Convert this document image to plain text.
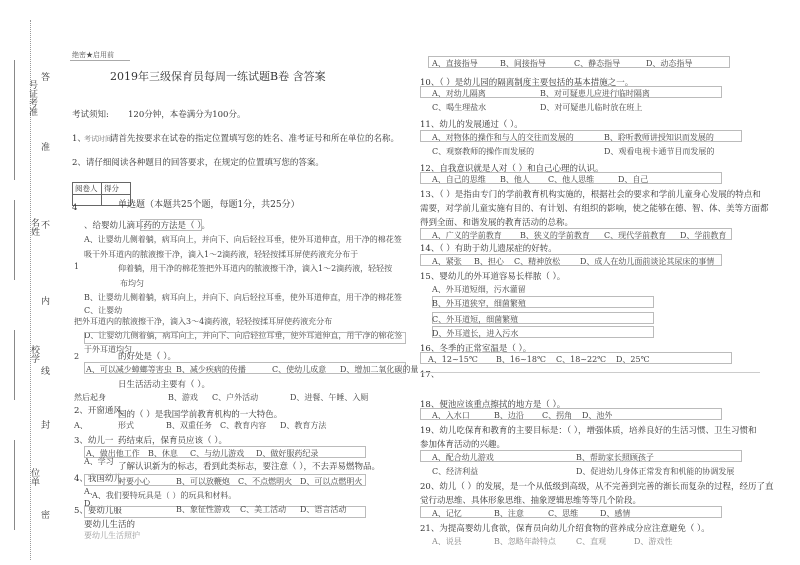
号证考准
答
准
不
名姓
内
校学
线
位单
封
密
绝密★启用前
2019年三级保育员每周一练试题B卷 含答案
考试须知: 120分钟，本卷满分为100分。
1、
考试时间
请首先按要求在试卷的指定位置填写您的姓名、准考证号和所在单位的名称。
2、请仔细阅读各种题目的回答要求，在规定的位置填写您的答案。
阅卷人	得分

4	单选题（本题共25个题，每题1分，共25分）
、给婴幼儿滴耳药的方法是（ ）。
A、让婴幼儿侧着躺，病耳向上，并向下、向后轻拉耳垂，使外耳道伸直，用干净的棉花签
吸干外耳道内的脓液擦干净，滴入1～2滴药液，轻轻按揉耳屏使药液充分布于
1	仰着躺，用干净的棉花签把外耳道内的脓液擦干净，滴入1～2滴药液，轻轻按
布均匀
B、让婴幼儿侧着躺，病耳向上，并向下、向后轻拉耳垂，使外耳道伸直，用干净的棉花签
C、让婴幼
把外耳道内的脓液擦干净，滴入3～4滴药液，轻轻按揉耳屏使药液充分布
D、让婴幼儿侧着躺，病耳向上，并向下、向后轻拉耳垂，使外耳道伸直，用干净的棉花签
于外耳道均匀
2	的好处是（ ）。
A、可以减少蟑螂等害虫 B、减少疾病的传播	C、使幼儿成意 D、增加二氧化碳的量
日生活活动主要有（ ）。
然后起身	B、游戏 C、户外活动	D、进餐、午睡、入厕
2、开窗通风
园的（ ）是我国学前教育机构的一大特色。
A、	形式	B、双重任务 C、教育内容 D、教育方法
3、幼儿一 药结束后，保育员应该（ ）。
A、做出他工作 B、休息 C、与幼儿游戏 D、做好服药纪录
A、学习
了解认识新为的标志，看到此类标志，要注意（ ），不去弄易燃物品。
4、我国幼儿
时要小心	B、可以放鞭炮 C、不点燃明火 D、可以点燃明火
A、
A、我们要特玩具是（ ）的玩具和材料。
D、
5、要幼儿服	B、象征性游戏 C、美工活动 D、语言活动
要幼儿生活的
要幼儿生活照护
A、直接指导	B、间接指导	C、静态指导	D、动态指导
10、（ ）是幼儿园的隔离制度主要包括的基本措施之一。
A、对幼儿隔离	B、对可疑患儿应进行临时隔离
C、喝生理盐水	D、对可疑患儿临时放在班上
11、幼儿的发展通过（ ）。
A、对物体的操作和与人的交往而发展的	B、聆听教师讲授知识而发展的
C、观察教师的操作而发展的	D、观看电视卡通节目而发展的
12、自我意识就是人对（ ）和自己心理的认识。
A、自己的思维 B、他人 C、他人思维	D、自己
13、（ ）是指由专门的学前教育机构实施的，根据社会的要求和学前儿童身心发展的特点和
需要，对学前儿童实施有目的、有计划、有组织的影响，使之能够在德、智、体、美等方面都
得到全面、和谐发展的教育活动的总称。
A、广义的学前教育 B、狭义的学前教育 C、现代学前教育 D、学前教育
14、（ ）有助于幼儿遗尿症的好转。
A、紧张 B、担心 C、精神放松 D、成人在幼儿面前谈论其尿床的事情
15、婴幼儿的外耳道容易长样脓（ ）。
A、外耳道短细，污水灌留
B、外耳道狭窄，细菌繁殖
C、外耳道短，细菌繁殖
D、外耳道长，进入污水
16、冬季的正常室温是（ ）。
A、12~15℃ B、16~18℃ C、18~22℃ D、25℃
17、
18、便池应该重点擦拭的地方是（ ）。
A、入水口	B、边沿 C、拐角 D、池外
19、幼儿吃保育和教育的主要目标是：（ ），增强体质，培养良好的生活习惯、卫生习惯和
参加体育活动的兴趣。
A、配合幼儿游戏	B、帮助家长照顾孩子
C、经济利益	D、促进幼儿身体正常发育和机能的协调发展
20、幼儿（ ）的发展，是一个从低级到高级，从不完善到完善的渐长而复杂的过程，经历了直
觉行动思维、具体形象思维、抽象逻辑思维等等几个阶段。
A、记忆	B、注意	C、思维	D、感情
21、为提高婴幼儿食欲，保育员向幼儿介绍食物的营养成分应注意避免（ ）。
A、说县	B、忽略年龄特点	C、直观	D、游戏性
